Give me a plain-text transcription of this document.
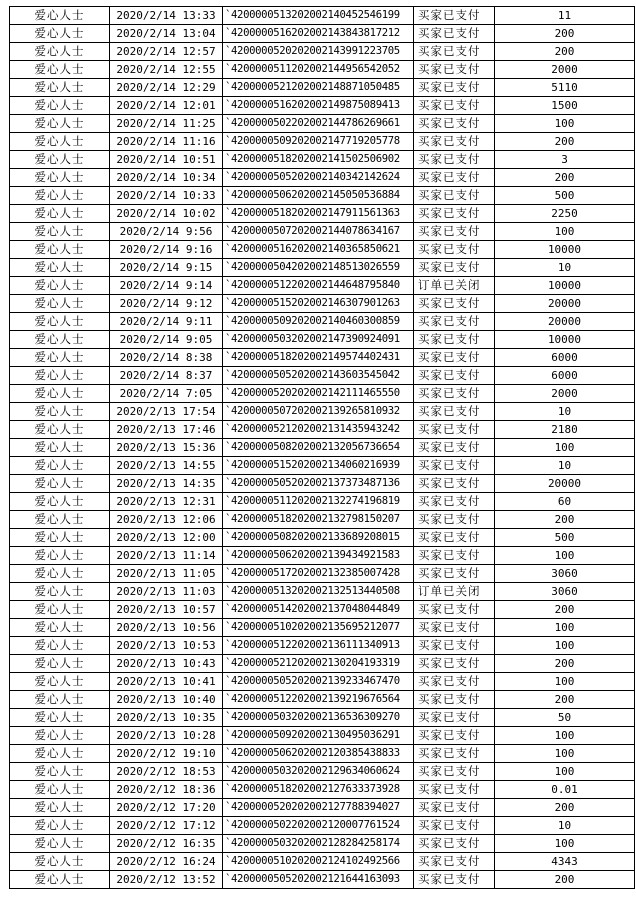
爱心人士	2020/2/14 13:33	`4200000513202002140452546199	买家已支付	11
爱心人士	2020/2/14 13:04	`4200000516202002143843817212	买家已支付	200
爱心人士	2020/2/14 12:57	`4200000520202002143991223705	买家已支付	200
爱心人士	2020/2/14 12:55	`4200000511202002144956542052	买家已支付	2000
爱心人士	2020/2/14 12:29	`4200000521202002148871050485	买家已支付	5110
爱心人士	2020/2/14 12:01	`4200000516202002149875089413	买家已支付	1500
爱心人士	2020/2/14 11:25	`4200000502202002144786269661	买家已支付	100
爱心人士	2020/2/14 11:16	`4200000509202002147719205778	买家已支付	200
爱心人士	2020/2/14 10:51	`4200000518202002141502506902	买家已支付	3
爱心人士	2020/2/14 10:34	`4200000505202002140342142624	买家已支付	200
爱心人士	2020/2/14 10:33	`4200000506202002145050536884	买家已支付	500
爱心人士	2020/2/14 10:02	`4200000518202002147911561363	买家已支付	2250
爱心人士	2020/2/14 9:56	`4200000507202002144078634167	买家已支付	100
爱心人士	2020/2/14 9:16	`4200000516202002140365850621	买家已支付	10000
爱心人士	2020/2/14 9:15	`4200000504202002148513026559	买家已支付	10
爱心人士	2020/2/14 9:14	`4200000512202002144648795840	订单已关闭	10000
爱心人士	2020/2/14 9:12	`4200000515202002146307901263	买家已支付	20000
爱心人士	2020/2/14 9:11	`4200000509202002140460300859	买家已支付	20000
爱心人士	2020/2/14 9:05	`4200000503202002147390924091	买家已支付	10000
爱心人士	2020/2/14 8:38	`4200000518202002149574402431	买家已支付	6000
爱心人士	2020/2/14 8:37	`4200000505202002143603545042	买家已支付	6000
爱心人士	2020/2/14 7:05	`4200000520202002142111465550	买家已支付	2000
爱心人士	2020/2/13 17:54	`4200000507202002139265810932	买家已支付	10
爱心人士	2020/2/13 17:46	`4200000521202002131435943242	买家已支付	2180
爱心人士	2020/2/13 15:36	`4200000508202002132056736654	买家已支付	100
爱心人士	2020/2/13 14:55	`4200000515202002134060216939	买家已支付	10
爱心人士	2020/2/13 14:35	`4200000505202002137373487136	买家已支付	20000
爱心人士	2020/2/13 12:31	`4200000511202002132274196819	买家已支付	60
爱心人士	2020/2/13 12:06	`4200000518202002132798150207	买家已支付	200
爱心人士	2020/2/13 12:00	`4200000508202002133689208015	买家已支付	500
爱心人士	2020/2/13 11:14	`4200000506202002139434921583	买家已支付	100
爱心人士	2020/2/13 11:05	`4200000517202002132385007428	买家已支付	3060
爱心人士	2020/2/13 11:03	`4200000513202002132513440508	订单已关闭	3060
爱心人士	2020/2/13 10:57	`4200000514202002137048044849	买家已支付	200
爱心人士	2020/2/13 10:56	`4200000510202002135695212077	买家已支付	100
爱心人士	2020/2/13 10:53	`4200000512202002136111340913	买家已支付	100
爱心人士	2020/2/13 10:43	`4200000521202002130204193319	买家已支付	200
爱心人士	2020/2/13 10:41	`4200000505202002139233467470	买家已支付	100
爱心人士	2020/2/13 10:40	`4200000512202002139219676564	买家已支付	200
爱心人士	2020/2/13 10:35	`4200000503202002136536309270	买家已支付	50
爱心人士	2020/2/13 10:28	`4200000509202002130495036291	买家已支付	100
爱心人士	2020/2/12 19:10	`4200000506202002120385438833	买家已支付	100
爱心人士	2020/2/12 18:53	`4200000503202002129634060624	买家已支付	100
爱心人士	2020/2/12 18:36	`4200000518202002127633373928	买家已支付	0.01
爱心人士	2020/2/12 17:20	`4200000520202002127788394027	买家已支付	200
爱心人士	2020/2/12 17:12	`4200000502202002120007761524	买家已支付	10
爱心人士	2020/2/12 16:35	`4200000503202002128284258174	买家已支付	100
爱心人士	2020/2/12 16:24	`4200000510202002124102492566	买家已支付	4343
爱心人士	2020/2/12 13:52	`4200000505202002121644163093	买家已支付	200
